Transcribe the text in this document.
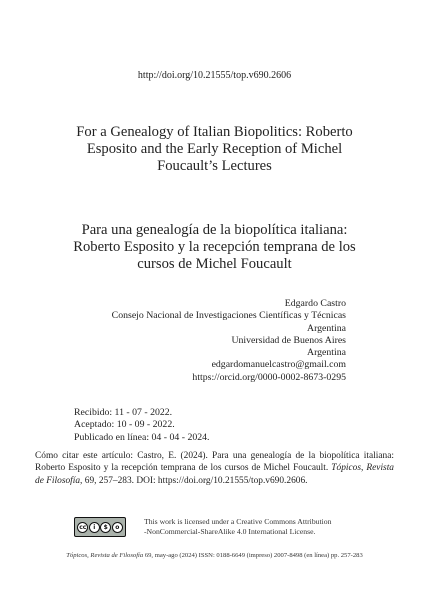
http://doi.org/10.21555/top.v690.2606
For a Genealogy of Italian Biopolitics: Roberto
Esposito and the Early Reception of Michel
Foucault’s Lectures
Para una genealogía de la biopolítica italiana:
Roberto Esposito y la recepción temprana de los
cursos de Michel Foucault
Edgardo Castro
Consejo Nacional de Investigaciones Científicas y Técnicas
Argentina
Universidad de Buenos Aires
Argentina
edgardomanuelcastro@gmail.com
https://orcid.org/0000-0002-8673-0295
Recibido: 11 - 07 - 2022.
Aceptado: 10 - 09 - 2022.
Publicado en línea: 04 - 04 - 2024.
Cómo citar este artículo: Castro, E. (2024). Para una genealogía de la biopolítica italiana: Roberto Esposito y la recepción temprana de los cursos de Michel Foucault. Tópicos, Revista de Filosofía, 69, 257–283. DOI: https://doi.org/10.21555/top.v690.2606.
cc	i	$	o
This work is licensed under a Creative Commons Attribution
-NonCommercial-ShareAlike 4.0 International License.
Tópicos, Revista de Filosofía 69, may-ago (2024) ISSN: 0188-6649 (impreso) 2007-8498 (en línea) pp. 257-283
